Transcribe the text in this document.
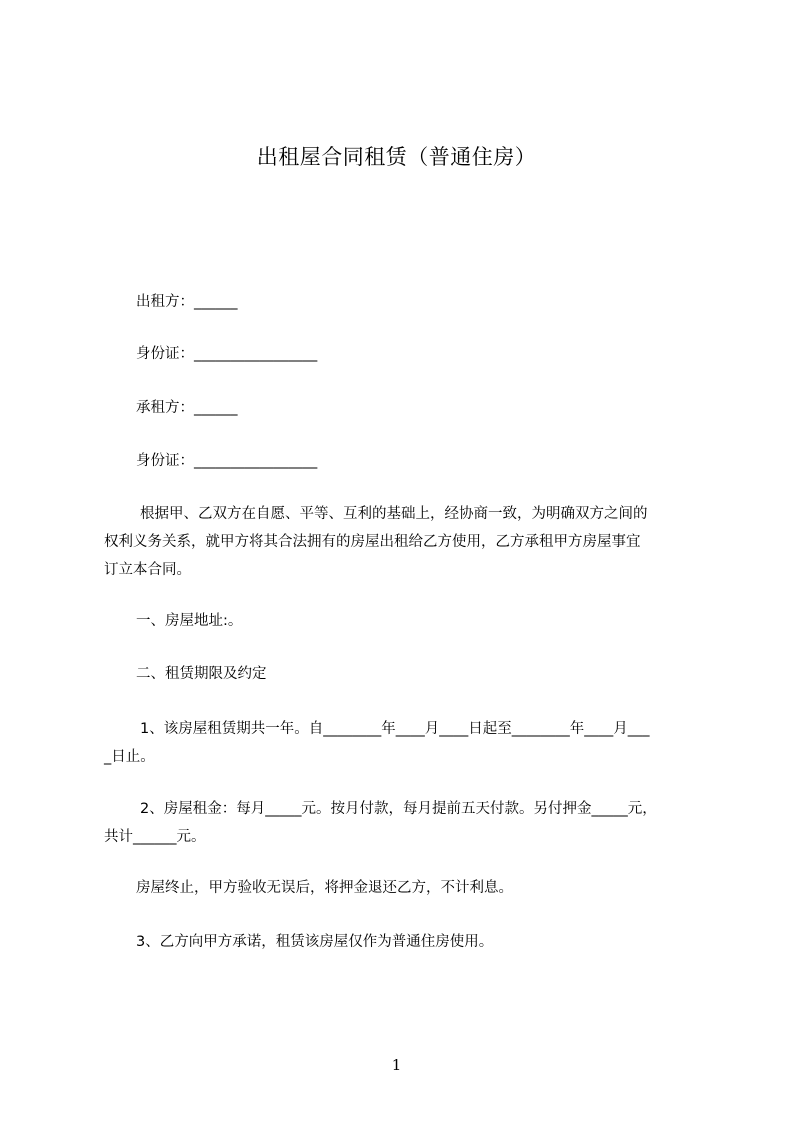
出租屋合同租赁（普通住房）
出租方：______
身份证：_________________
承租方：______
身份证：_________________
根据甲、乙双方在自愿、平等、互利的基础上，经协商一致，为明确双方之间的
权利义务关系，就甲方将其合法拥有的房屋出租给乙方使用，乙方承租甲方房屋事宜
订立本合同。
一、房屋地址:。
二、租赁期限及约定
1、该房屋租赁期共一年。自________年____月____日起至________年____月___
_日止。
2、房屋租金：每月_____元。按月付款，每月提前五天付款。另付押金_____元，
共计______元。
房屋终止，甲方验收无误后，将押金退还乙方，不计利息。
3、乙方向甲方承诺，租赁该房屋仅作为普通住房使用。
1
